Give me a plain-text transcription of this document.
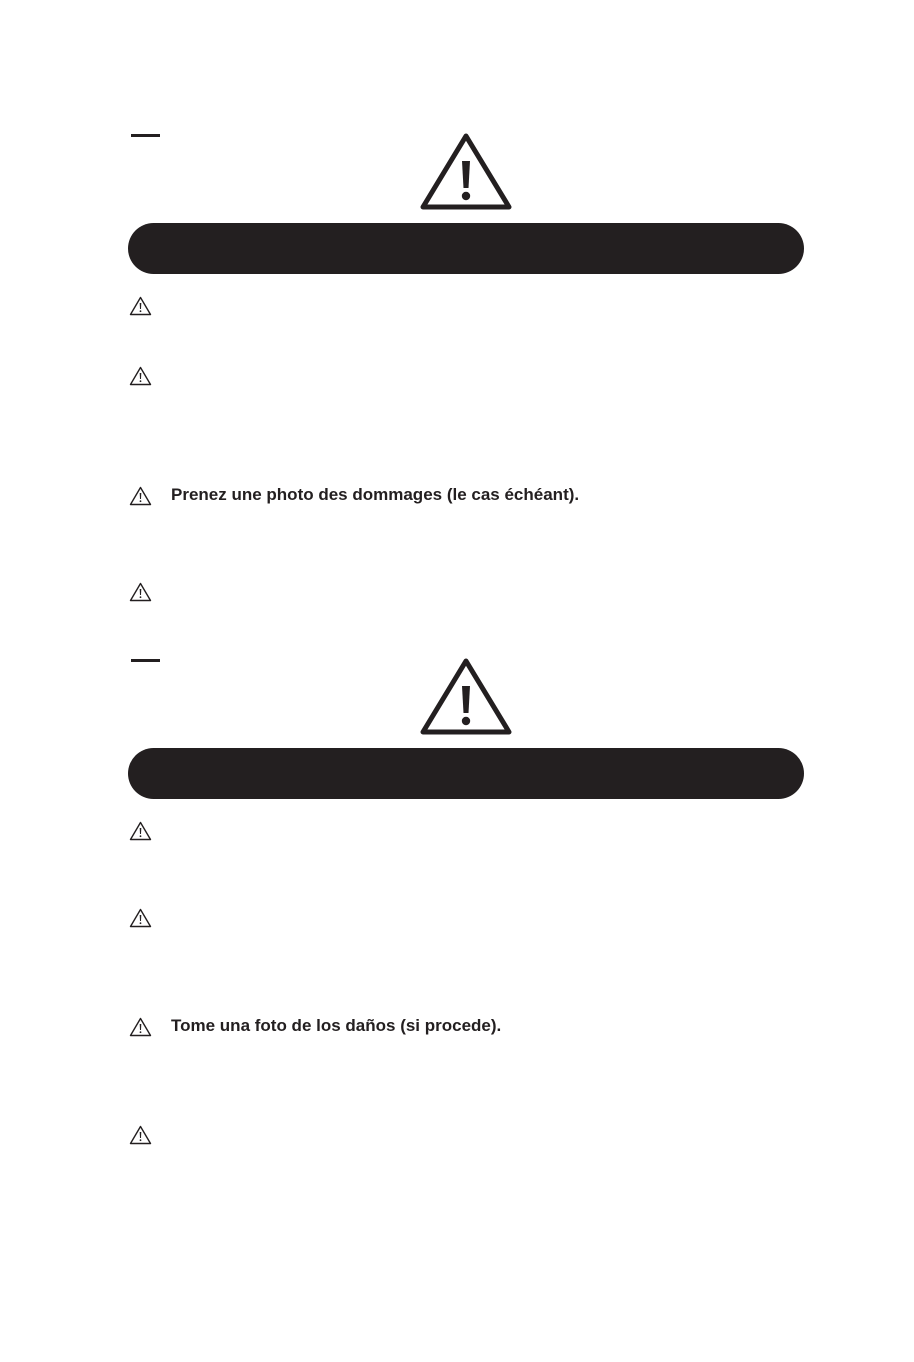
Prenez une photo des dommages (le cas échéant).
Tome una foto de los daños (si procede).
